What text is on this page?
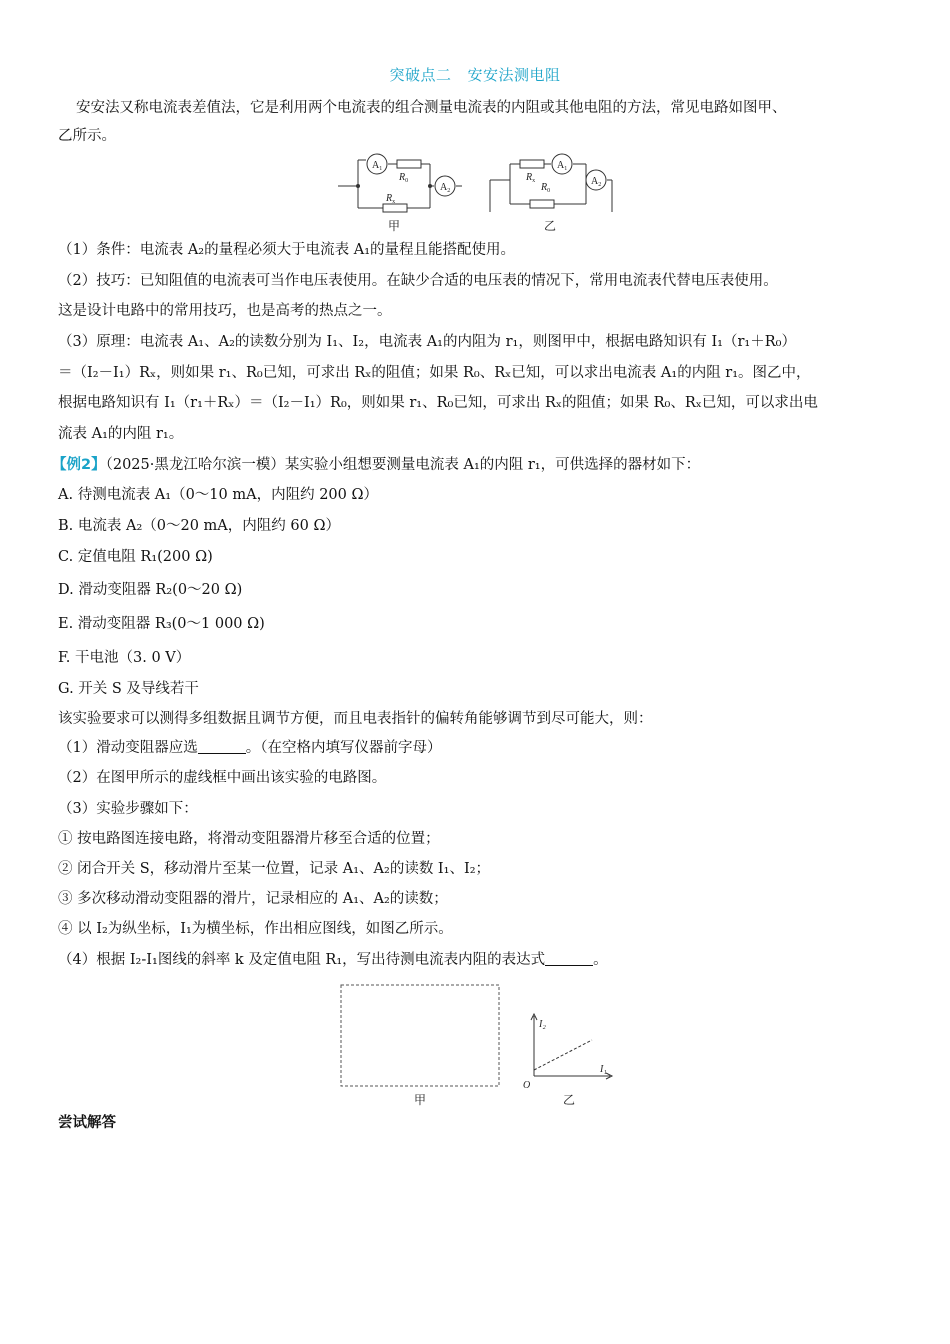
突破点二 安安法测电阻
安安法又称电流表差值法，它是利用两个电流表的组合测量电流表的内阻或其他电阻的方法，常见电路如图甲、
乙所示。
$A_1$
$R_0$
$R_x$
$A_2$
$R_x$
$R_0$
$A_1$
$A_2$
甲	乙
（1）条件：电流表 A₂的量程必须大于电流表 A₁的量程且能搭配使用。
（2）技巧：已知阻值的电流表可当作电压表使用。在缺少合适的电压表的情况下，常用电流表代替电压表使用。
这是设计电路中的常用技巧，也是高考的热点之一。
（3）原理：电流表 A₁、A₂的读数分别为 I₁、I₂，电流表 A₁的内阻为 r₁，则图甲中，根据电路知识有 I₁（r₁＋R₀）
＝（I₂－I₁）Rₓ，则如果 r₁、R₀已知，可求出 Rₓ的阻值；如果 R₀、Rₓ已知，可以求出电流表 A₁的内阻 r₁。图乙中，
根据电路知识有 I₁（r₁＋Rₓ）＝（I₂－I₁）R₀，则如果 r₁、R₀已知，可求出 Rₓ的阻值；如果 R₀、Rₓ已知，可以求出电
流表 A₁的内阻 r₁。
【例2】（2025·黑龙江哈尔滨一模）某实验小组想要测量电流表 A₁的内阻 r₁，可供选择的器材如下：
A. 待测电流表 A₁（0～10 mA，内阻约 200 Ω）
B. 电流表 A₂（0～20 mA，内阻约 60 Ω）
C. 定值电阻 R₁(200 Ω)
D. 滑动变阻器 R₂(0～20 Ω)
E. 滑动变阻器 R₃(0～1 000 Ω)
F. 干电池（3. 0 V）
G. 开关 S 及导线若干
该实验要求可以测得多组数据且调节方便，而且电表指针的偏转角能够调节到尽可能大，则：
（1）滑动变阻器应选	。（在空格内填写仪器前字母）
（2）在图甲所示的虚线框中画出该实验的电路图。
（3）实验步骤如下：
① 按电路图连接电路，将滑动变阻器滑片移至合适的位置；
② 闭合开关 S，移动滑片至某一位置，记录 A₁、A₂的读数 I₁、I₂；
③ 多次移动滑动变阻器的滑片，记录相应的 A₁、A₂的读数；
④ 以 I₂为纵坐标，I₁为横坐标，作出相应图线，如图乙所示。
（4）根据 I₂-I₁图线的斜率 k 及定值电阻 R₁，写出待测电流表内阻的表达式	。
甲
I₂
I₁
O
乙
尝试解答
